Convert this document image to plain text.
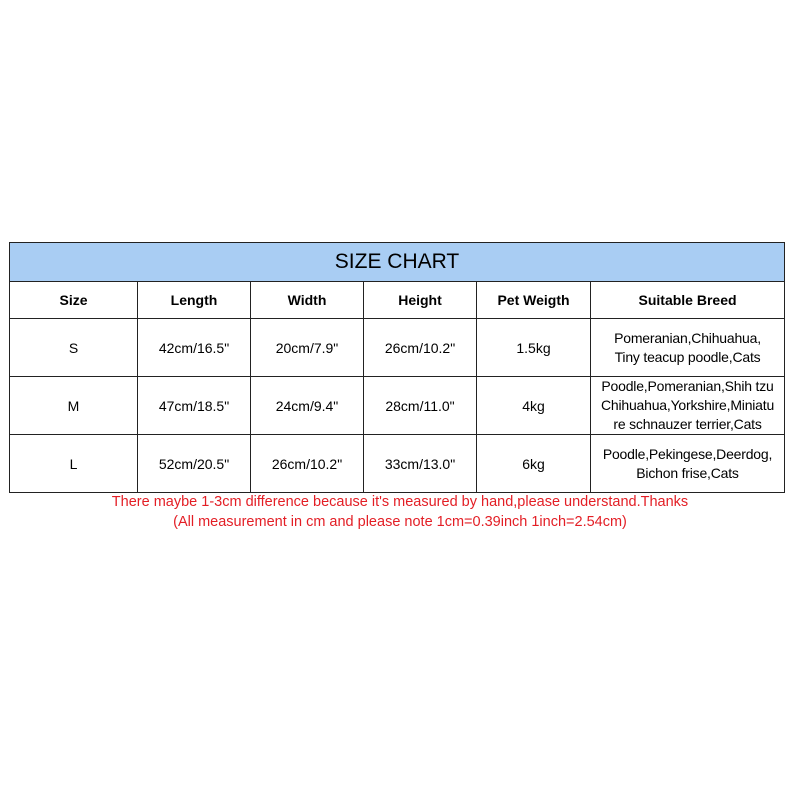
SIZE CHART					
Size	Length	Width	Height	Pet Weigth	Suitable Breed
S	42cm/16.5"	20cm/7.9"	26cm/10.2"	1.5kg	Pomeranian,Chihuahua,
Tiny teacup poodle,Cats

M	47cm/18.5"	24cm/9.4"	28cm/11.0"	4kg	Poodle,Pomeranian,Shih tzu
Chihuahua,Yorkshire,Miniatu
re schnauzer terrier,Cats

L	52cm/20.5"	26cm/10.2"	33cm/13.0"	6kg	Poodle,Pekingese,Deerdog,
Bichon frise,Cats
There maybe 1-3cm difference because it's measured by hand,please understand.Thanks
(All measurement in cm and please note 1cm=0.39inch 1inch=2.54cm)
